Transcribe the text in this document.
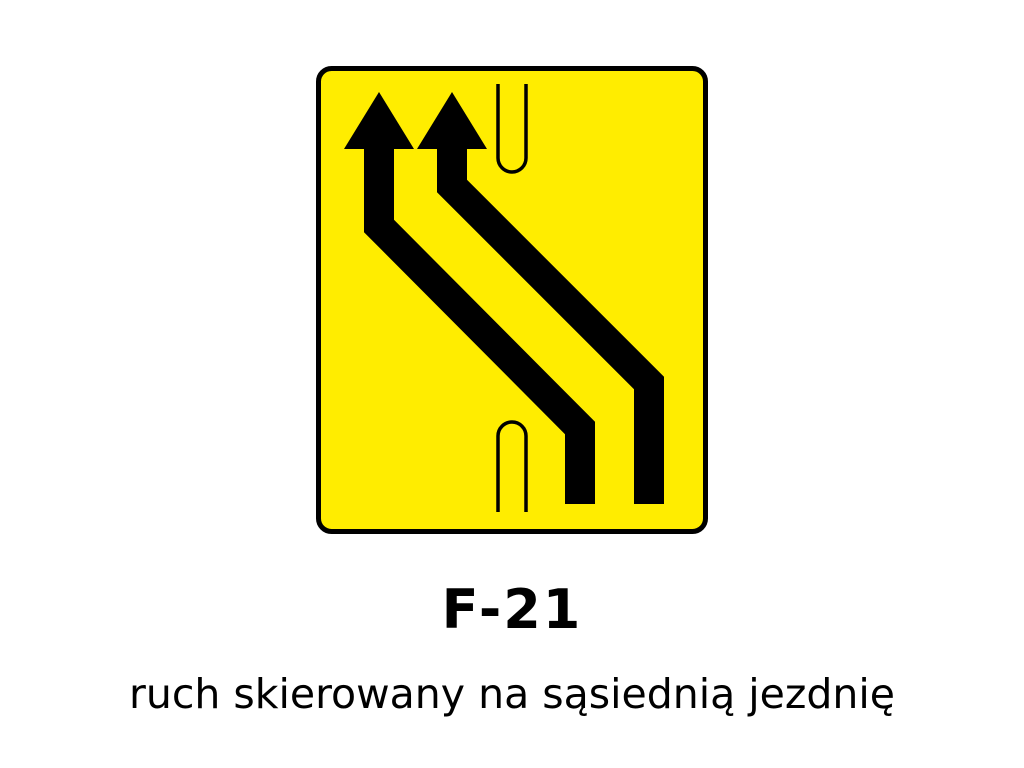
F-21
ruch skierowany na sąsiednią jezdnię
